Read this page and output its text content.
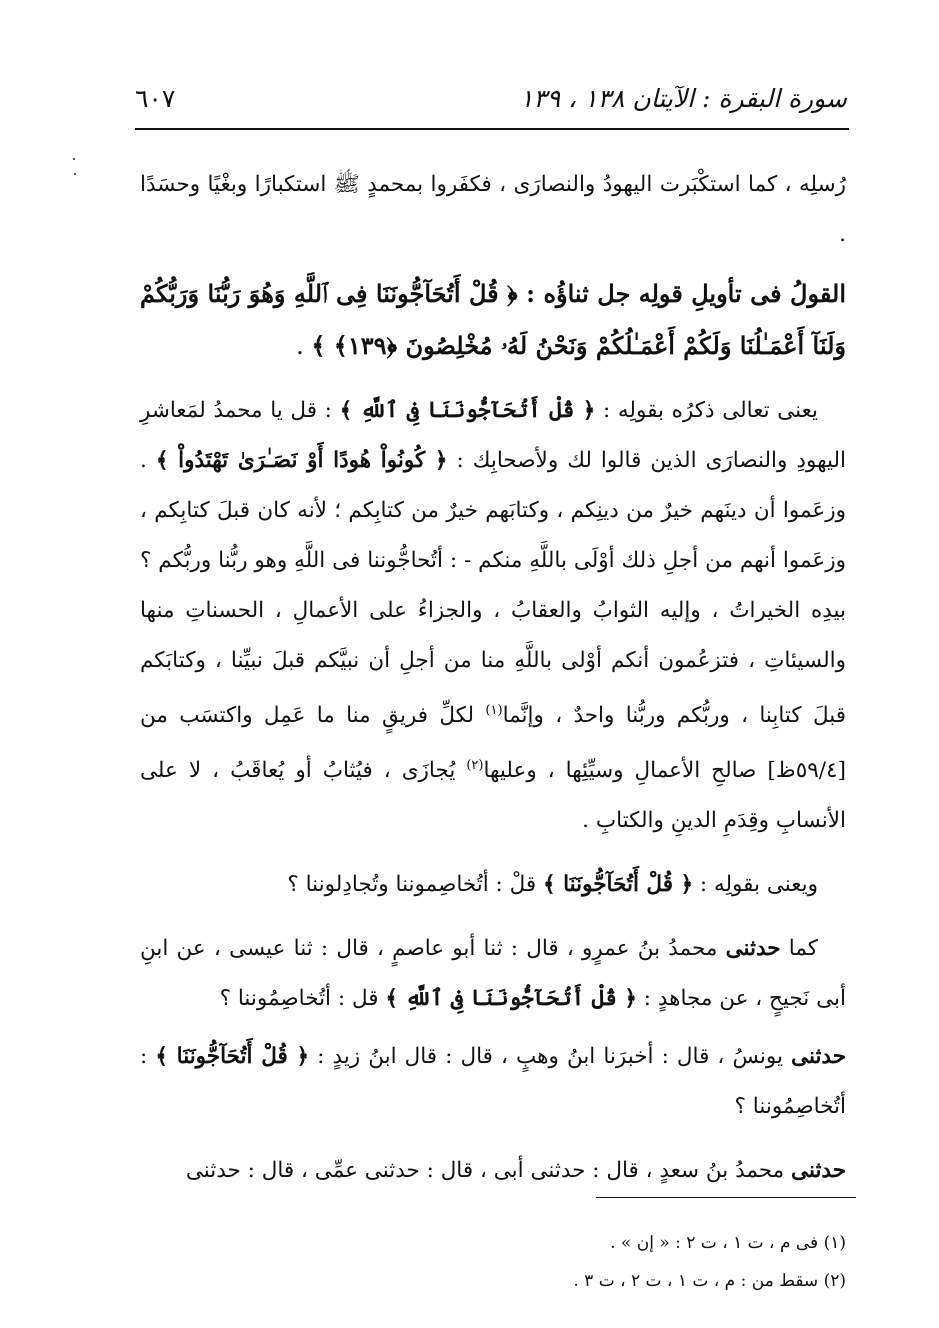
سورة البقرة : الآيتان ١٣٨ ، ١٣٩
٦٠٧

رُسلِه ، كما استكْبَرت اليهودُ والنصارَى ، فكفَروا بمحمدٍ ﷺ استكبارًا وبغْيًا وحسَدًا .

القولُ فى تأويلِ قولِه جل ثناؤُه : ﴿ قُلْ أَتُحَآجُّونَنَا فِى ٱللَّهِ وَهُوَ رَبُّنَا وَرَبُّكُمْ وَلَنَآ أَعْمَـٰلُنَا وَلَكُمْ أَعْمَـٰلُكُمْ وَنَحْنُ لَهُۥ مُخْلِصُونَ ﴿١٣٩﴾ ﴾ .

يعنى تعالى ذكرُه بقولِه : ﴿ قُلْ أَتُحَآجُّونَنَا فِى ٱللَّهِ ﴾ : قل يا محمدُ لمَعاشرِ اليهودِ والنصارَى الذين قالوا لك ولأصحابِك : ﴿ كُونُواْ هُودًا أَوْ نَصَـٰرَىٰ تَهْتَدُواْ ﴾ . وزعَموا أن دينَهم خيرٌ من دينِكم ، وكتابَهم خيرٌ من كتابِكم ؛ لأنه كان قبلَ كتابِكم ، وزعَموا أنهم من أجلِ ذلك أوْلَى باللَّهِ منكم - : أتُحاجُّوننا فى اللَّهِ وهو ربُّنا وربُّكم ؟ بيدِه الخيراتُ ، وإليه الثوابُ والعقابُ ، والجزاءُ على الأعمالِ ، الحسناتِ منها والسيئاتِ ، فتزعُمون أنكم أوْلى باللَّهِ منا من أجلِ أن نبيَّكم قبلَ نبيِّنا ، وكتابَكم قبلَ كتابِنا ، وربُّكم وربُّنا واحدٌ ، وإنَّما$^{(١)}$ لكلِّ فريقٍ منا ما عَمِل واكتسَب من [٥٩/٤ظ] صالحِ الأعمالِ وسيِّئِها ، وعليها$^{(٢)}$ يُجازَى ، فيُثابُ أو يُعاقَبُ ، لا على الأنسابِ وقِدَمِ الدينِ والكتابِ .

ويعنى بقولِه : ﴿ قُلْ أَتُحَآجُّونَنَا ﴾ قلْ : أتُخاصِموننا وتُجادِلوننا ؟

كما حدثنى محمدُ بنُ عمرٍو ، قال : ثنا أبو عاصمٍ ، قال : ثنا عيسى ، عن ابنِ أبى نَجيحٍ ، عن مجاهدٍ : ﴿ قُلْ أَتُحَآجُّونَنَا فِى ٱللَّهِ ﴾ قل : أتُخاصِمُوننا ؟

حدثنى يونسُ ، قال : أخبرَنا ابنُ وهبٍ ، قال : قال ابنُ زيدٍ : ﴿ قُلْ أَتُحَآجُّونَنَا ﴾ : أتُخاصِمُوننا ؟

حدثنى محمدُ بنُ سعدٍ ، قال : حدثنى أبى ، قال : حدثنى عمِّى ، قال : حدثنى

(١) فى م ، ت ١ ، ت ٢ : « إن » .
(٢) سقط من : م ، ت ١ ، ت ٢ ، ت ٣ .
